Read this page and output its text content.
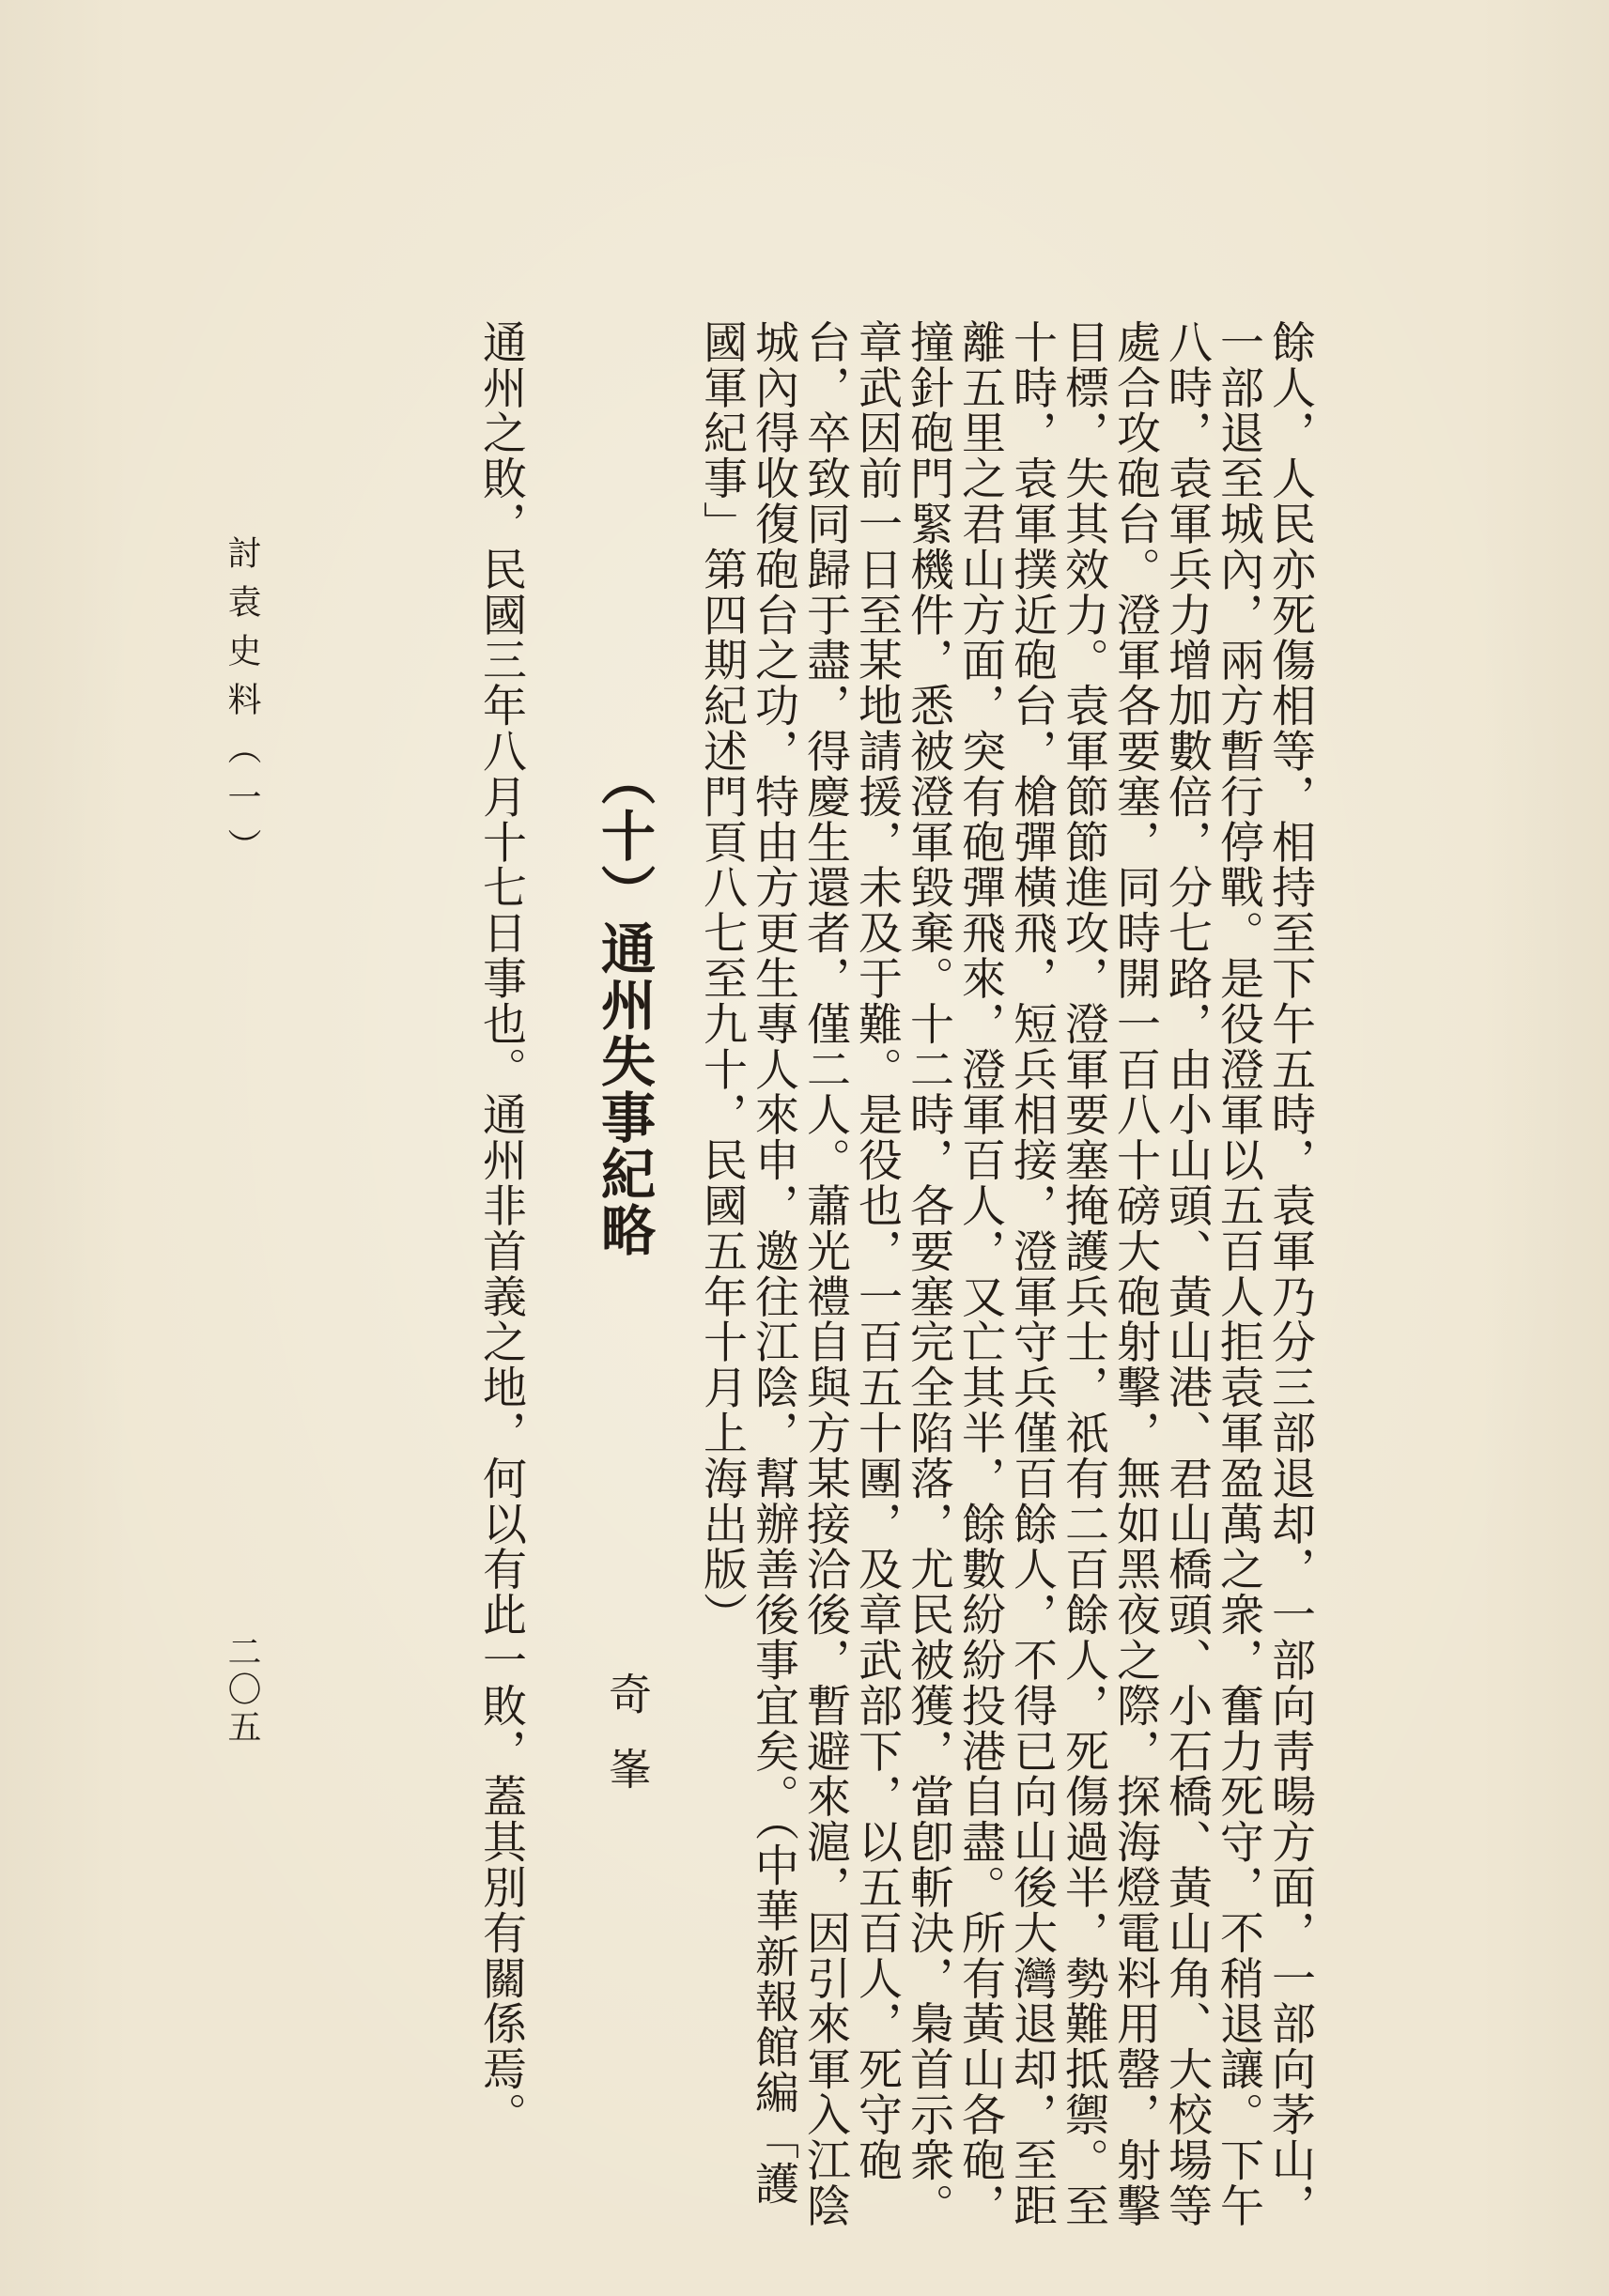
餘人，人民亦死傷相等，相持至下午五時，袁軍乃分三部退却，一部向靑暘方面，一部向茅山，

一部退至城內，兩方暫行停戰。是役澄軍以五百人拒袁軍盈萬之衆，奮力死守，不稍退讓。下午

八時，袁軍兵力增加數倍，分七路，由小山頭、黃山港、君山橋頭、小石橋、黃山角、大校場等

處合攻砲台。澄軍各要塞，同時開一百八十磅大砲射擊，無如黑夜之際，探海燈電料用罄，射擊

目標，失其效力。袁軍節節進攻，澄軍要塞掩護兵士，祇有二百餘人，死傷過半，勢難抵禦。至

十時，袁軍撲近砲台，槍彈橫飛，短兵相接，澄軍守兵僅百餘人，不得已向山後大灣退却，至距

離五里之君山方面，突有砲彈飛來，澄軍百人，又亡其半，餘數紛紛投港自盡。所有黃山各砲，

撞針砲門緊機件，悉被澄軍毀棄。十二時，各要塞完全陷落，尤民被獲，當卽斬決，梟首示衆。

章武因前一日至某地請援，未及于難。是役也，一百五十團，及章武部下，以五百人，死守砲

台，卒致同歸于盡，得慶生還者，僅二人。蕭光禮自與方某接洽後，暫避來滬，因引來軍入江陰

城內得收復砲台之功，特由方更生專人來申，邀往江陰，幫辦善後事宜矣。（中華新報館編「護

國軍紀事」第四期紀述門頁八七至九十，民國五年十月上海出版）

（十）通州失事紀略

奇峯

通州之敗，民國三年八月十七日事也。通州非首義之地，何以有此一敗，蓋其別有關係焉。

討袁史料（一）

二〇五
